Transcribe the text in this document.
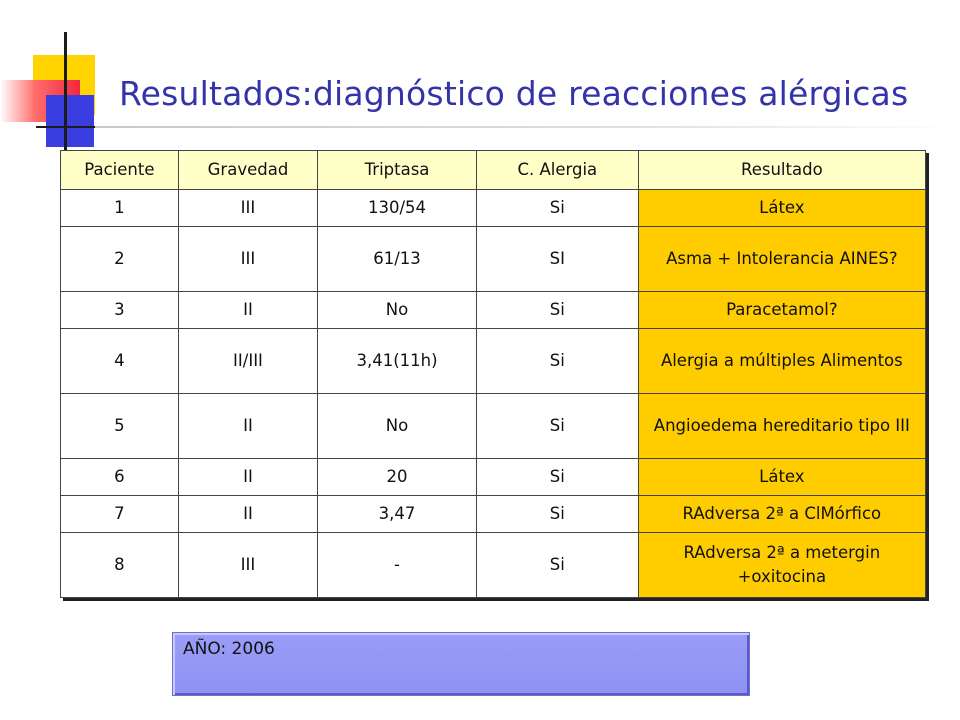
Resultados:diagnóstico de reacciones alérgicas
Paciente	Gravedad	Triptasa	C. Alergia	Resultado
1	III	130/54	Si	Látex
2	III	61/13	SI	Asma + Intolerancia AINES?
3	II	No	Si	Paracetamol?
4	II/III	3,41(11h)	Si	Alergia a múltiples Alimentos
5	II	No	Si	Angioedema hereditario tipo III
6	II	20	Si	Látex
7	II	3,47	Si	RAdversa 2ª a ClMórfico
8	III	-	Si	RAdversa 2ª a metergin +oxitocina
AÑO: 2006
